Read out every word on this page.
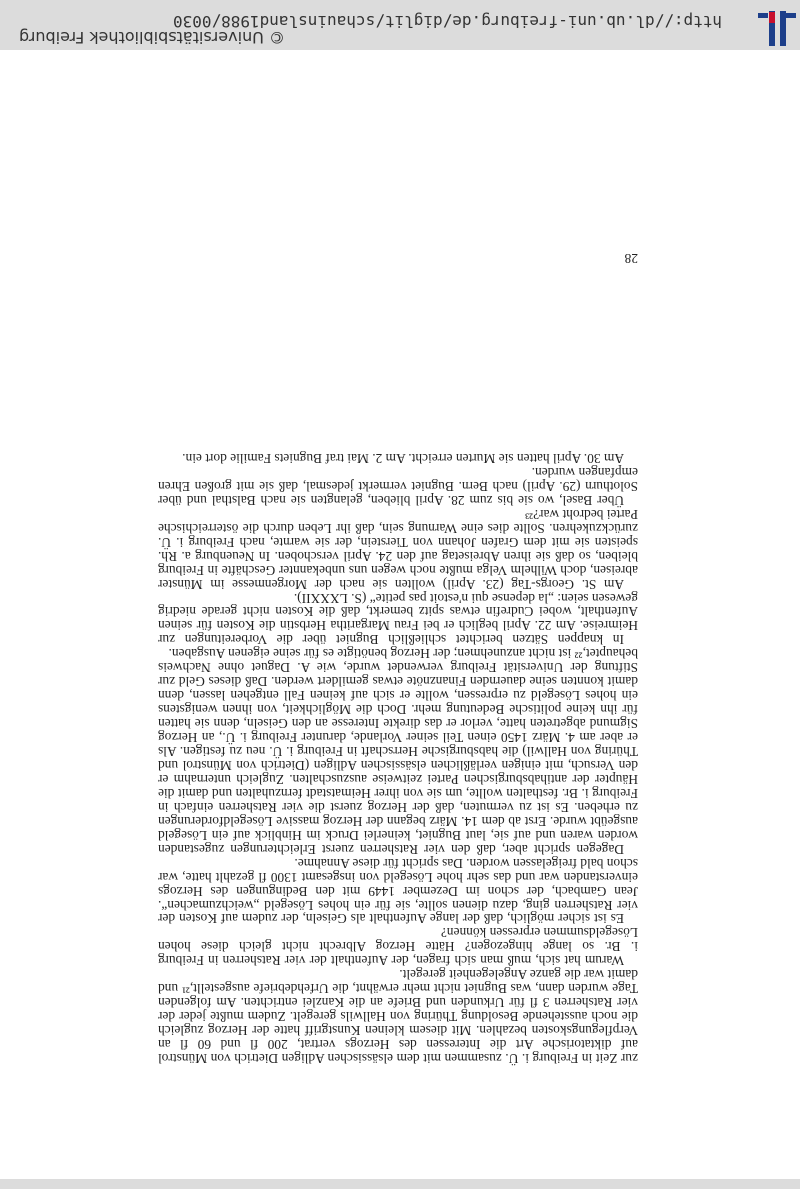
zur Zeit in Freiburg i. Ü. zusammen mit dem elsässischen Adligen Dietrich von Münstrol auf diktatorische Art die Interessen des Herzogs vertrat, 200 fl und 60 fl an Verpflegungskosten bezahlen. Mit diesem kleinen Kunstgriff hatte der Herzog zugleich die noch ausstehende Besoldung Thüring von Hallwils geregelt. Zudem mußte jeder der vier Ratsherren 3 fl für Urkunden und Briefe an die Kanzlei entrichten. Am folgenden Tage wurden dann, was Bugniet nicht mehr erwähnt, die Urfehdebriefe ausgestellt,²¹ und damit war die ganze Angelegenheit geregelt.

Warum hat sich, muß man sich fragen, der Aufenthalt der vier Ratsherren in Freiburg i. Br. so lange hingezogen? Hätte Herzog Albrecht nicht gleich diese hohen Lösegeldsummen erpressen können?

Es ist sicher möglich, daß der lange Aufenthalt als Geiseln, der zudem auf Kosten der vier Ratsherren ging, dazu dienen sollte, sie für ein hohes Lösegeld „weichzumachen“. Jean Gambach, der schon im Dezember 1449 mit den Bedingungen des Herzogs einverstanden war und das sehr hohe Lösegeld von insgesamt 1300 fl gezahlt hatte, war schon bald freigelassen worden. Das spricht für diese Annahme.

Dagegen spricht aber, daß den vier Ratsherren zuerst Erleichterungen zugestanden worden waren und auf sie, laut Bugniet, keinerlei Druck im Hinblick auf ein Lösegeld ausgeübt wurde. Erst ab dem 14. März begann der Herzog massive Lösegeldforderungen zu erheben. Es ist zu vermuten, daß der Herzog zuerst die vier Ratsherren einfach in Freiburg i. Br. festhalten wollte, um sie von ihrer Heimatstadt fernzuhalten und damit die Häupter der antihabsburgischen Partei zeitweise auszuschalten. Zugleich unternahm er den Versuch, mit einigen verläßlichen elsässischen Adligen (Dietrich von Münstrol und Thüring von Hallwil) die habsburgische Herrschaft in Freiburg i. Ü. neu zu festigen. Als er aber am 4. März 1450 einen Teil seiner Vorlande, darunter Freiburg i. Ü., an Herzog Sigmund abgetreten hatte, verlor er das direkte Interesse an den Geiseln, denn sie hatten für ihn keine politische Bedeutung mehr. Doch die Möglichkeit, von ihnen wenigstens ein hohes Lösegeld zu erpressen, wollte er sich auf keinen Fall entgehen lassen, denn damit konnten seine dauernden Finanznöte etwas gemildert werden. Daß dieses Geld zur Stiftung der Universität Freiburg verwendet wurde, wie A. Daguet ohne Nachweis behauptet,²² ist nicht anzunehmen; der Herzog benötigte es für seine eigenen Ausgaben.

In knappen Sätzen berichtet schließlich Bugniet über die Vorbereitungen zur Heimreise. Am 22. April beglich er bei Frau Margaritha Herbstin die Kosten für seinen Aufenthalt, wobei Cudrefin etwas spitz bemerkt, daß die Kosten nicht gerade niedrig gewesen seien: „la depense qui n'estoit pas petite“ (S. LXXXII).

Am St. Georgs-Tag (23. April) wollten sie nach der Morgenmesse im Münster abreisen, doch Wilhelm Velga mußte noch wegen uns unbekannter Geschäfte in Freiburg bleiben, so daß sie ihren Abreisetag auf den 24. April verschoben. In Neuenburg a. Rh. speisten sie mit dem Grafen Johann von Tierstein, der sie warnte, nach Freiburg i. Ü. zurückzukehren. Sollte dies eine Warnung sein, daß ihr Leben durch die österreichische Partei bedroht war?²³

Über Basel, wo sie bis zum 28. April blieben, gelangten sie nach Balsthal und über Solothurn (29. April) nach Bern. Bugniet vermerkt jedesmal, daß sie mit großen Ehren empfangen wurden.

Am 30. April hatten sie Murten erreicht. Am 2. Mai traf Bugniets Familie dort ein.

28
http://dl.ub.uni-freiburg.de/diglit/schauinsland1988/0030
© Universitätsbibliothek Freiburg
